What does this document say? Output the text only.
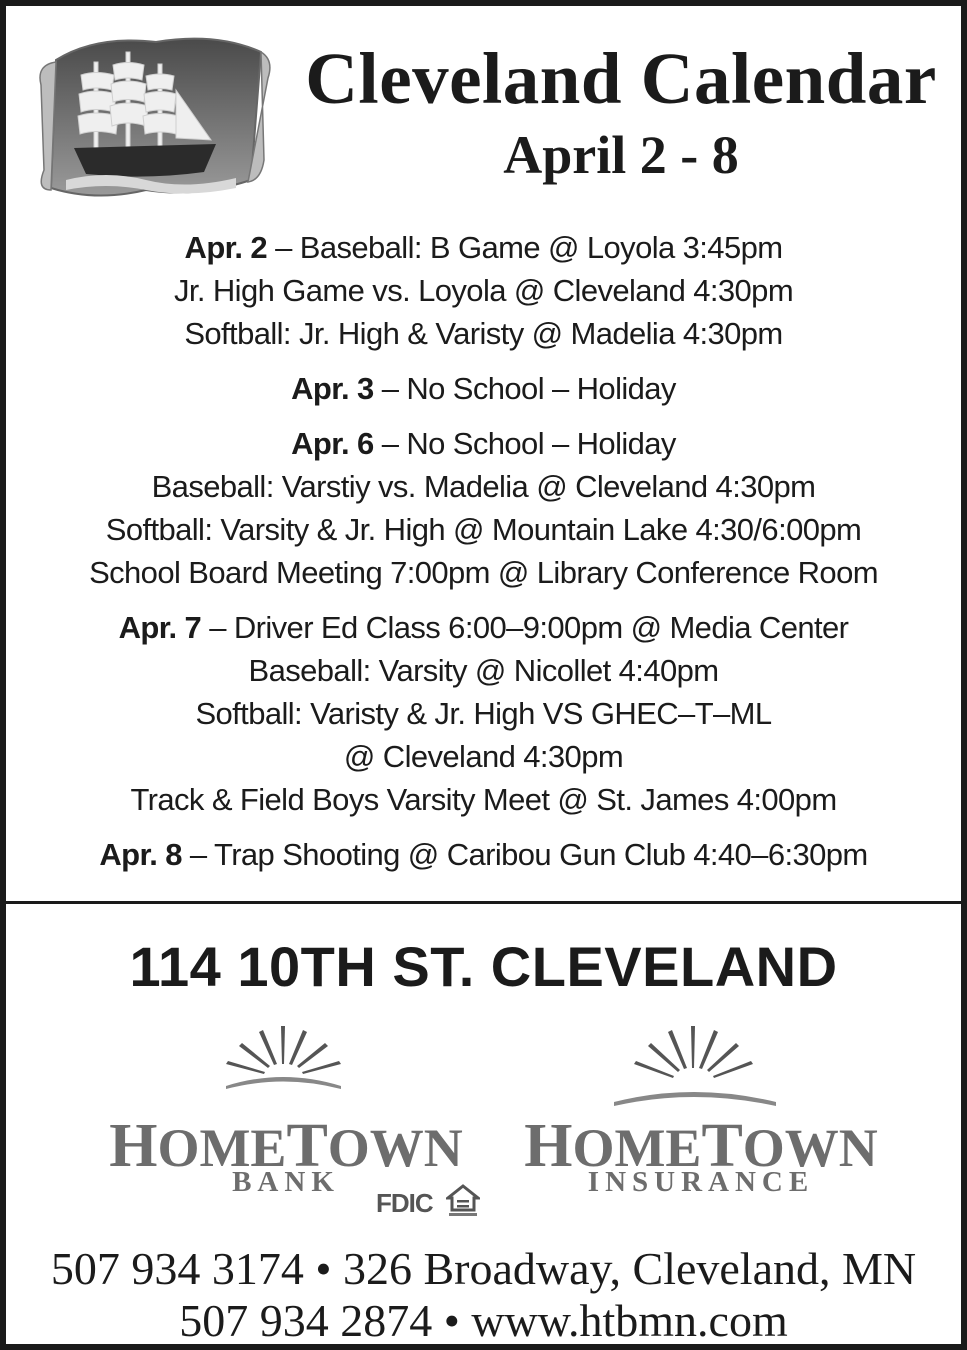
Cleveland Calendar
April 2 - 8
Apr. 2 – Baseball: B Game @ Loyola 3:45pm
Jr. High Game vs. Loyola @ Cleveland 4:30pm
Softball: Jr. High & Varisty @ Madelia 4:30pm
Apr. 3 – No School – Holiday
Apr. 6 – No School – Holiday
Baseball: Varstiy vs. Madelia @ Cleveland 4:30pm
Softball: Varsity & Jr. High @ Mountain Lake 4:30/6:00pm
School Board Meeting 7:00pm @ Library Conference Room
Apr. 7 – Driver Ed Class 6:00–9:00pm @ Media Center
Baseball: Varsity @ Nicollet 4:40pm
Softball: Varisty & Jr. High VS GHEC–T–ML
@ Cleveland 4:30pm
Track & Field Boys Varsity Meet @ St. James 4:00pm
Apr. 8 – Trap Shooting @ Caribou Gun Club 4:40–6:30pm
114 10TH ST. CLEVELAND
HOMETOWN
BANK
FDIC
HOMETOWN
INSURANCE
507 934 3174 • 326 Broadway, Cleveland, MN
507 934 2874 • www.htbmn.com
